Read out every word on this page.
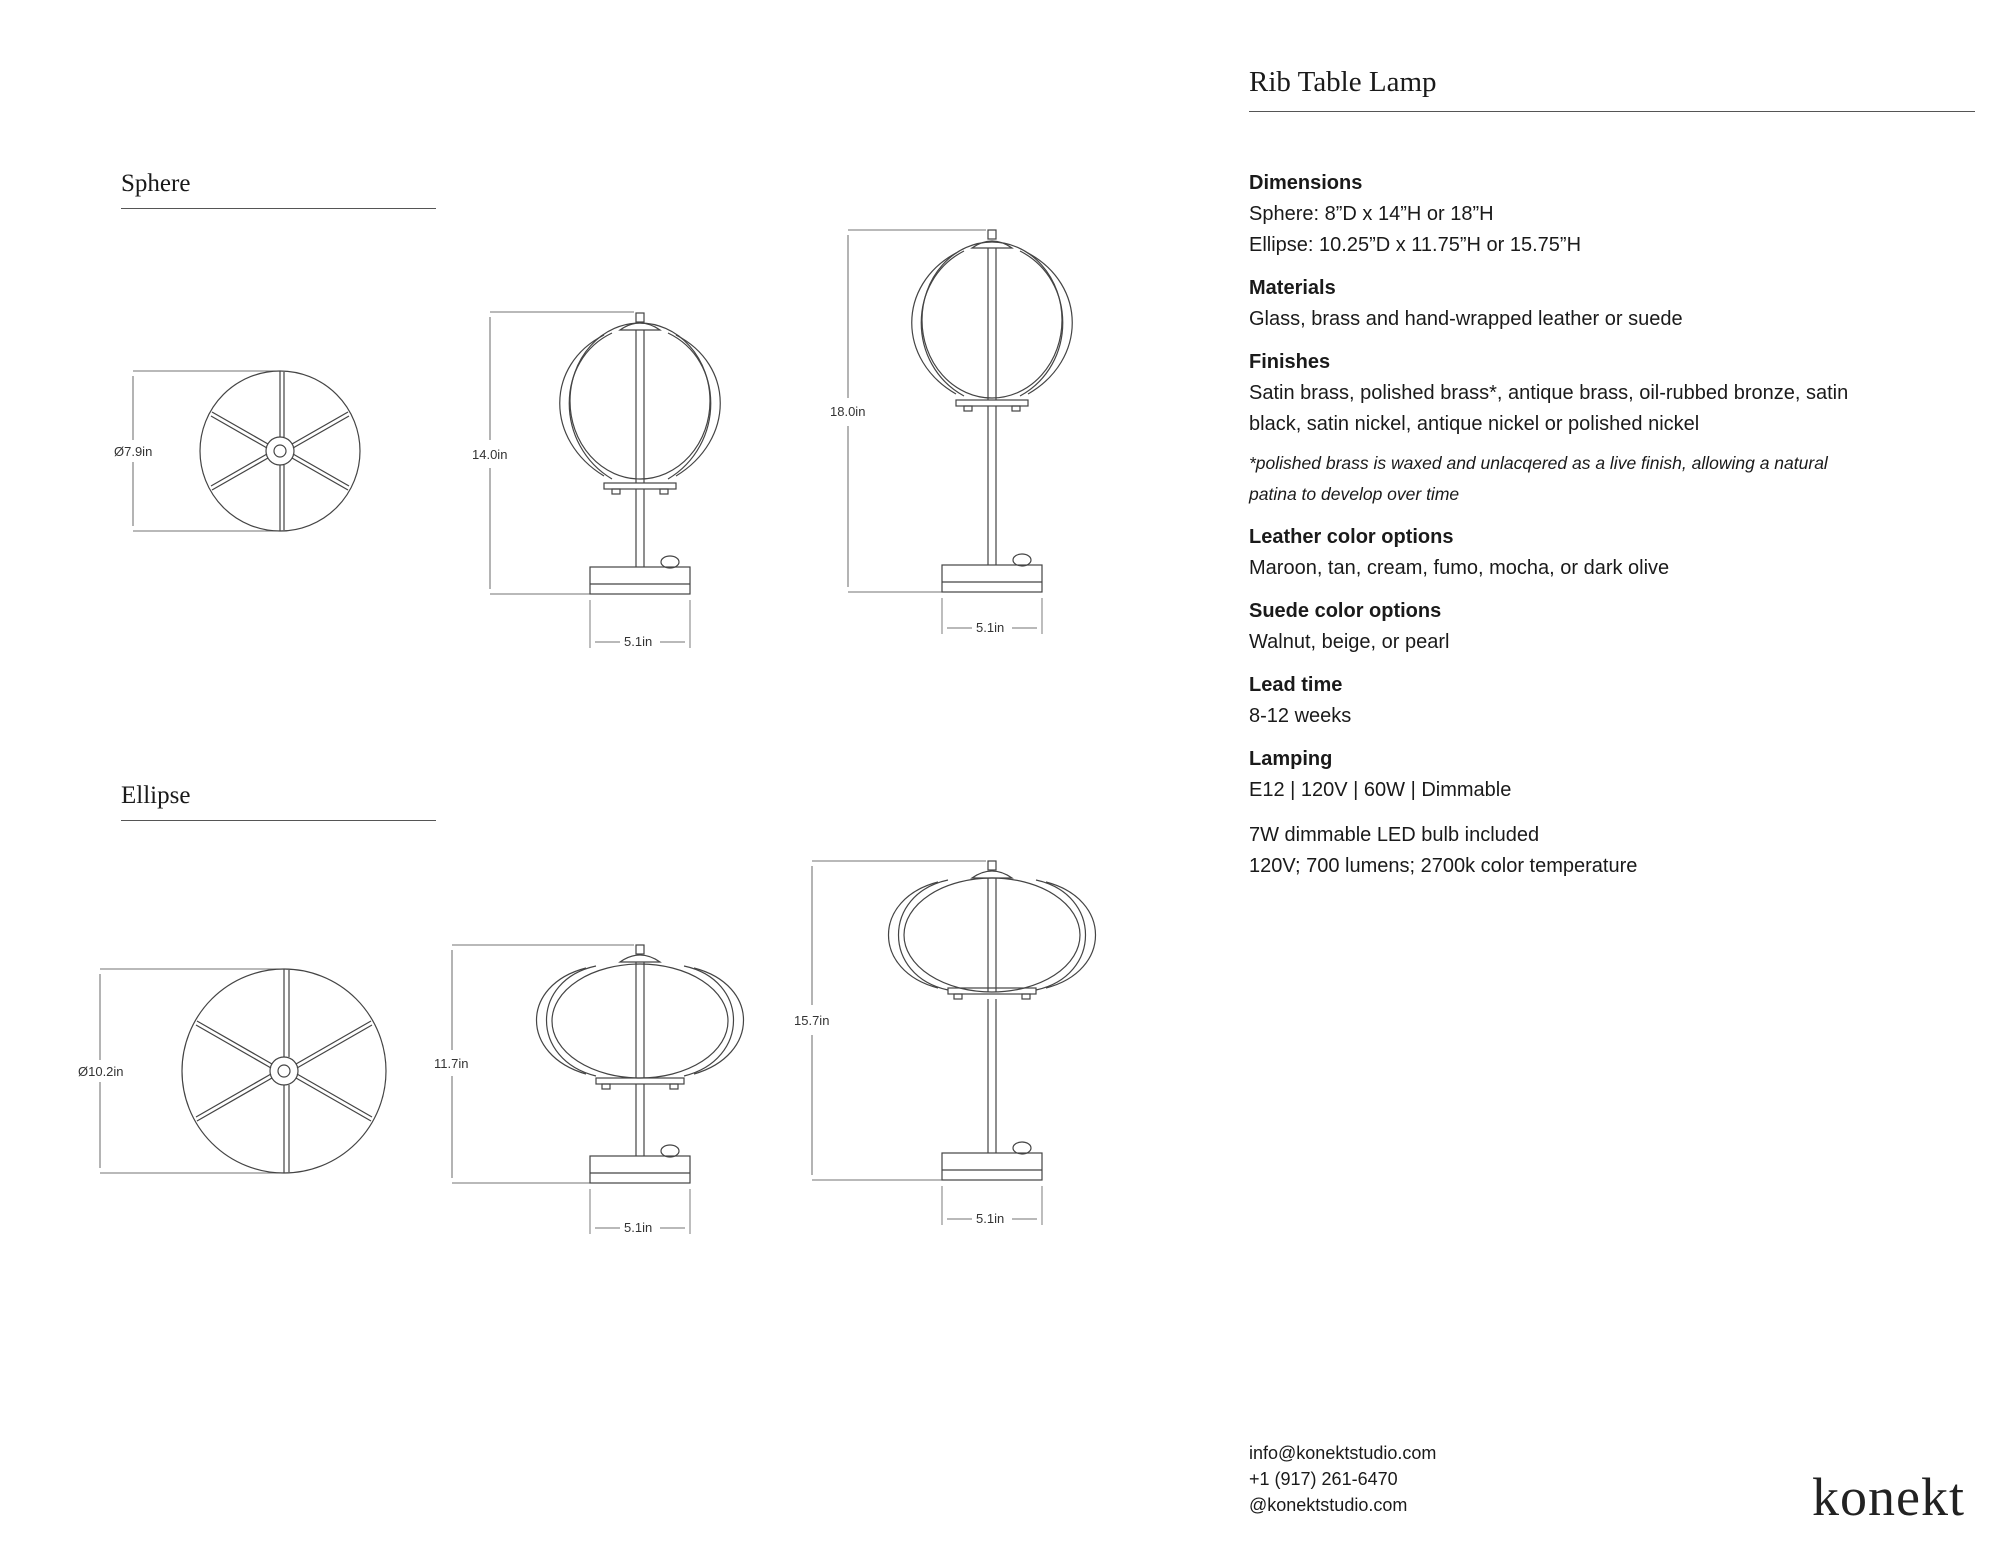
Sphere
Ellipse
Ø7.9in	14.0in
5.1in
18.0in
5.1in
Ø10.2in
11.7in
5.1in
15.7in
5.1in
Rib Table Lamp
Dimensions
Sphere: 8”D x 14”H or 18”H
Ellipse: 10.25”D x 11.75”H or 15.75”H
Materials
Glass, brass and hand-wrapped leather or suede
Finishes
Satin brass, polished brass*, antique brass, oil-rubbed bronze, satin
black, satin nickel, antique nickel or polished nickel
*polished brass is waxed and unlacqered as a live finish, allowing a natural
patina to develop over time
Leather color options
Maroon, tan, cream, fumo, mocha, or dark olive
Suede color options
Walnut, beige, or pearl
Lead time
8-12 weeks
Lamping
E12 | 120V | 60W | Dimmable
7W dimmable LED bulb included
120V; 700 lumens; 2700k color temperature
info@konektstudio.com
+1 (917) 261-6470
@konektstudio.com	konekt
